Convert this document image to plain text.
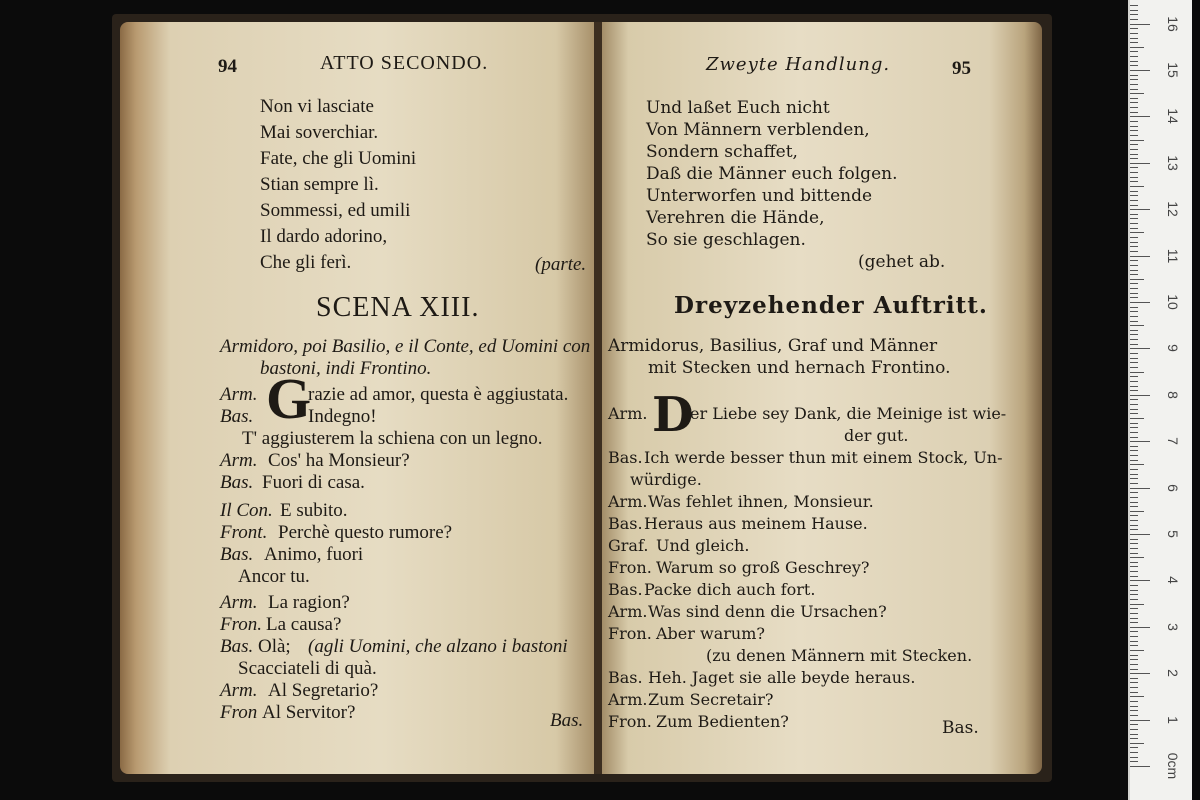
94	ATTO SECONDO.
Non vi lasciate
Mai soverchiar.
Fate, che gli Uomini
Stian sempre lì.
Sommessi, ed umili
Il dardo adorino,
Che gli ferì.	(parte.
SCENA XIII.
Armidoro, poi Basilio, e il Conte, ed Uomini con
bastoni, indi Frontino.
G
Arm.	razie ad amor, questa è aggiustata.
Bas.	Indegno!
T' aggiusterem la schiena con un legno.
Arm. Cos' ha Monsieur?
Bas. Fuori di casa.
Il Con. E subito.
Front. Perchè questo rumore?
Bas. Animo, fuori
Ancor tu.
Arm. La ragion?
Fron. La causa?
Bas. Olà; (agli Uomini, che alzano i bastoni
Scacciateli di quà.
Arm. Al Segretario?
Fron Al Servitor?	Bas.
Zweyte Handlung.	95
Und laßet Euch nicht
Von Männern verblenden,
Sondern schaffet,
Daß die Männer euch folgen.
Unterworfen und bittende
Verehren die Hände,
So sie geschlagen.
(gehet ab.
Dreyzehender Auftritt.
Armidorus, Basilius, Graf und Männer
mit Stecken und hernach Frontino.
D
Arm.	er Liebe sey Dank, die Meinige ist wie-
der gut.
Bas. Ich werde besser thun mit einem Stock, Un-
würdige.
Arm. Was fehlet ihnen, Monsieur.
Bas. Heraus aus meinem Hause.
Graf. Und gleich.
Fron. Warum so groß Geschrey?
Bas. Packe dich auch fort.
Arm. Was sind denn die Ursachen?
Fron. Aber warum?
(zu denen Männern mit Stecken.
Bas. Heh. Jaget sie alle beyde heraus.
Arm. Zum Secretair?
Fron. Zum Bedienten?	Bas.
0cm
1
2
3
4
5
6
7
8
9
10
11
12
13
14
15
16
